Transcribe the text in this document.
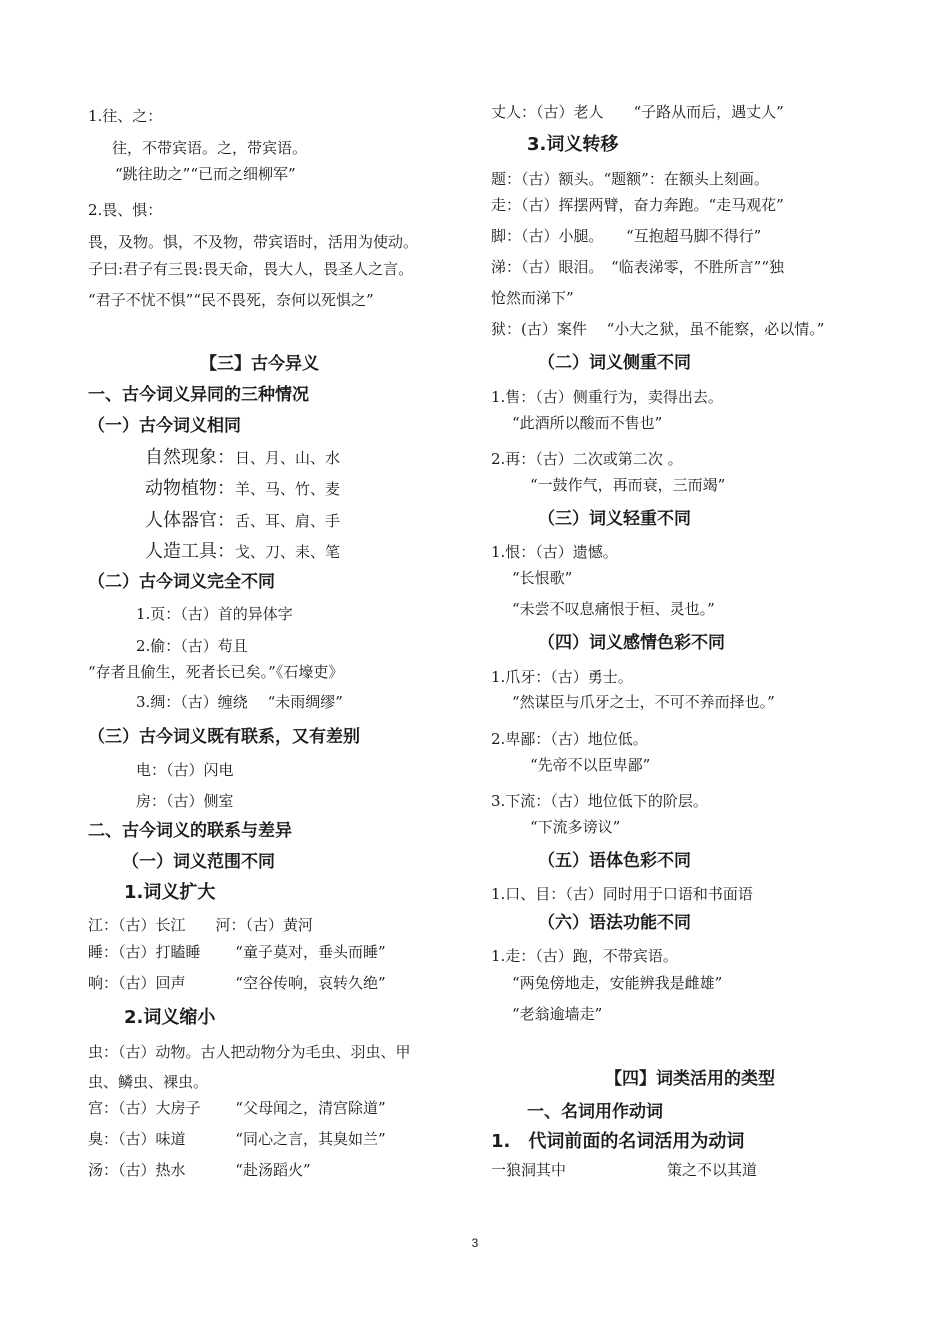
1.往、之：
往，不带宾语。之，带宾语。
“跳往助之”“已而之细柳军”
2.畏、惧：
畏，及物。惧，不及物，带宾语时，活用为使动。
子曰:君子有三畏:畏天命，畏大人，畏圣人之言。
“君子不忧不惧”“民不畏死，奈何以死惧之”
【三】古今异义
一、古今词义异同的三种情况
（一）古今词义相同
自然现象：日、月、山、水
动物植物：羊、马、竹、麦
人体器官：舌、耳、肩、手
人造工具：戈、刀、耒、笔
（二）古今词义完全不同
1.页：（古）首的异体字
2.偷：（古）苟且
“存者且偷生，死者长已矣。”《石壕吏》
3.绸：（古）缠绕　 “未雨绸缪”
（三）古今词义既有联系，又有差别
电：（古）闪电
房：（古）侧室
二、古今词义的联系与差异
（一）词义范围不同
1.词义扩大
江：（古）长江　　河：（古）黄河
睡：（古）打瞌睡　　 “童子莫对，垂头而睡”
响：（古）回声　　　 “空谷传响，哀转久绝”
2.词义缩小
虫：（古）动物。古人把动物分为毛虫、羽虫、甲
虫、鳞虫、裸虫。
宫：（古）大房子　　 “父母闻之，清宫除道”
臭：（古）味道　　　 “同心之言，其臭如兰”
汤：（古）热水　　　 “赴汤蹈火”
丈人：（古）老人　　“子路从而后，遇丈人”
3.词义转移
题：（古）额头。“题额”：在额头上刻画。
走：（古）挥摆两臂，奋力奔跑。“走马观花”
脚：（古）小腿。　　“互抱超马脚不得行”
涕：（古）眼泪。　“临表涕零，不胜所言”“独
怆然而涕下”
狱：(古）案件　 “小大之狱，虽不能察，必以情。”
（二）词义侧重不同
1.售：（古）侧重行为，卖得出去。
“此酒所以酸而不售也”
2.再：（古）二次或第二次 。
“一鼓作气，再而衰，三而竭”
（三）词义轻重不同
1.恨：（古）遗憾。
“长恨歌”
“未尝不叹息痛恨于桓、灵也。”
（四）词义感情色彩不同
1.爪牙：（古）勇士。
“然谋臣与爪牙之士，不可不养而择也。”
2.卑鄙：（古）地位低。
“先帝不以臣卑鄙”
3.下流：（古）地位低下的阶层。
“下流多谤议”
（五）语体色彩不同
1.口、目：（古）同时用于口语和书面语
（六）语法功能不同
1.走：（古）跑，不带宾语。
“两兔傍地走，安能辨我是雌雄”
“老翁逾墙走”
【四】词类活用的类型
一、名词用作动词
1.　代词前面的名词活用为动词
一狼洞其中	策之不以其道
3
